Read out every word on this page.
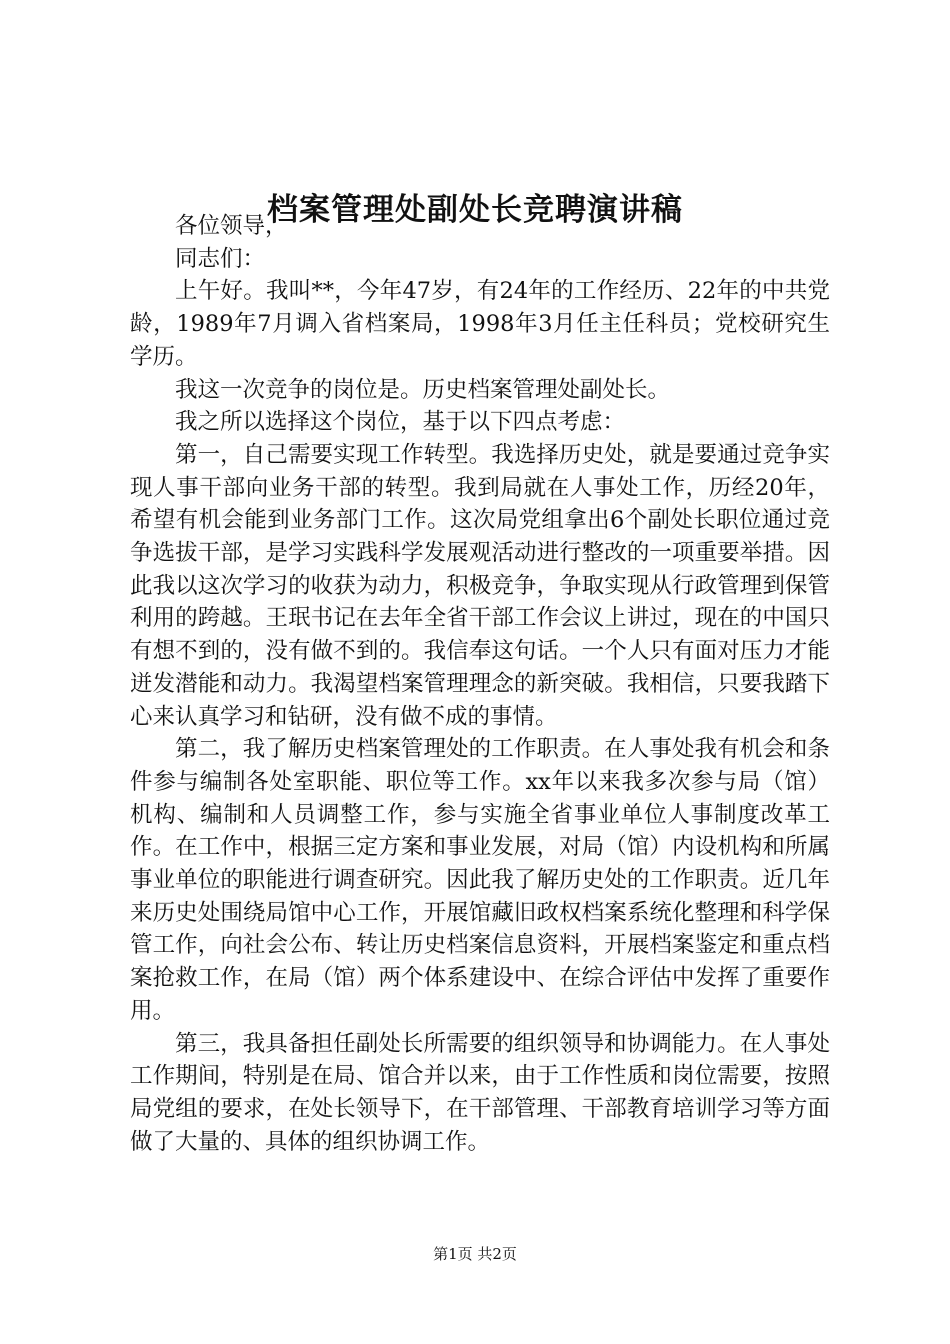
档案管理处副处长竞聘演讲稿

各位领导，

同志们：

上午好。我叫**，今年47岁，有24年的工作经历、22年的中共党龄，1989年7月调入省档案局，1998年3月任主任科员；党校研究生学历。

我这一次竞争的岗位是。历史档案管理处副处长。

我之所以选择这个岗位，基于以下四点考虑：

第一，自己需要实现工作转型。我选择历史处，就是要通过竞争实现人事干部向业务干部的转型。我到局就在人事处工作，历经20年，希望有机会能到业务部门工作。这次局党组拿出6个副处长职位通过竞争选拔干部，是学习实践科学发展观活动进行整改的一项重要举措。因此我以这次学习的收获为动力，积极竞争，争取实现从行政管理到保管利用的跨越。王珉书记在去年全省干部工作会议上讲过，现在的中国只有想不到的，没有做不到的。我信奉这句话。一个人只有面对压力才能迸发潜能和动力。我渴望档案管理理念的新突破。我相信，只要我踏下心来认真学习和钻研，没有做不成的事情。

第二，我了解历史档案管理处的工作职责。在人事处我有机会和条件参与编制各处室职能、职位等工作。xx年以来我多次参与局（馆）机构、编制和人员调整工作，参与实施全省事业单位人事制度改革工作。在工作中，根据三定方案和事业发展，对局（馆）内设机构和所属事业单位的职能进行调查研究。因此我了解历史处的工作职责。近几年来历史处围绕局馆中心工作，开展馆藏旧政权档案系统化整理和科学保管工作，向社会公布、转让历史档案信息资料，开展档案鉴定和重点档案抢救工作，在局（馆）两个体系建设中、在综合评估中发挥了重要作用。

第三，我具备担任副处长所需要的组织领导和协调能力。在人事处工作期间，特别是在局、馆合并以来，由于工作性质和岗位需要，按照局党组的要求，在处长领导下，在干部管理、干部教育培训学习等方面做了大量的、具体的组织协调工作。

第1页 共2页
